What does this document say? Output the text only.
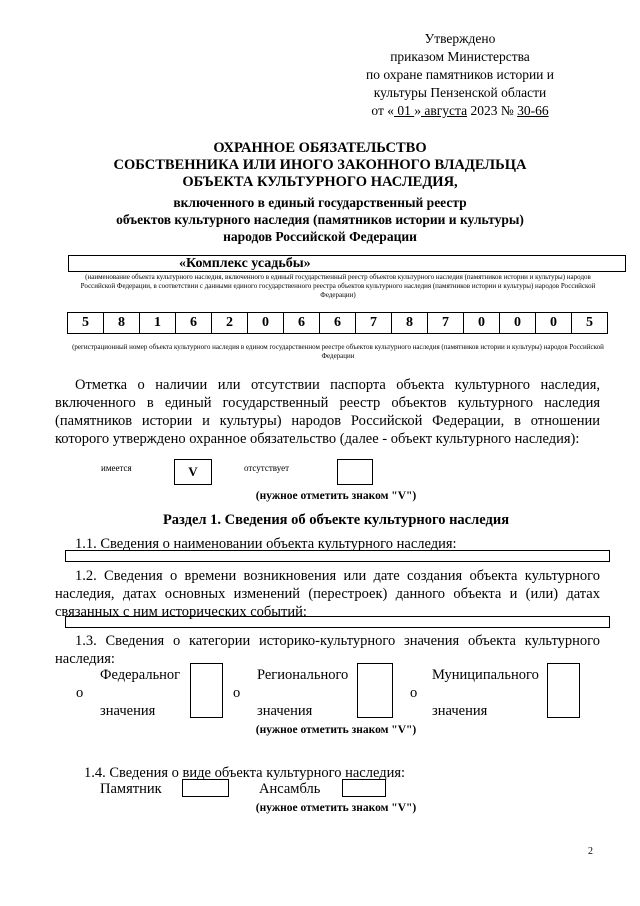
Утверждено
приказом Министерства
по охране памятников истории и
культуры Пензенской области
от « 01 » августа 2023 № 30-66
ОХРАННОЕ ОБЯЗАТЕЛЬСТВО
СОБСТВЕННИКА ИЛИ ИНОГО ЗАКОННОГО ВЛАДЕЛЬЦА
ОБЪЕКТА КУЛЬТУРНОГО НАСЛЕДИЯ,
включенного в единый государственный реестр
объектов культурного наследия (памятников истории и культуры)
народов Российской Федерации
«Комплекс усадьбы»
(наименование объекта культурного наследия, включенного в единый государственный реестр объектов культурного наследия (памятников истории и культуры) народов Российской Федерации, в соответствии с данными единого государственного реестра объектов культурного наследия (памятников истории и культуры) народов Российской Федерации)
5	8	1	6	2	0	6	6	7	8	7	0	0	0	5
(регистрационный номер объекта культурного наследия в едином государственном реестре объектов культурного наследия (памятников истории и культуры) народов Российской Федерации
Отметка о наличии или отсутствии паспорта объекта культурного наследия, включенного в единый государственный реестр объектов культурного наследия (памятников истории и культуры) народов Российской Федерации, в отношении которого утверждено охранное обязательство (далее - объект культурного наследия):
имеется	V	отсутствует
(нужное отметить знаком "V")
Раздел 1. Сведения об объекте культурного наследия
1.1. Сведения о наименовании объекта культурного наследия:
1.2. Сведения о времени возникновения или дате создания объекта культурного наследия, датах основных изменений (перестроек) данного объекта и (или) датах связанных с ним исторических событий:
1.3. Сведения о категории историко-культурного значения объекта культурного наследия:
Федеральног
о
значения
Регионального
о
значения
Муниципального
о
значения
(нужное отметить знаком "V")
1.4. Сведения о виде объекта культурного наследия:
Памятник	Ансамбль
(нужное отметить знаком "V")
2
